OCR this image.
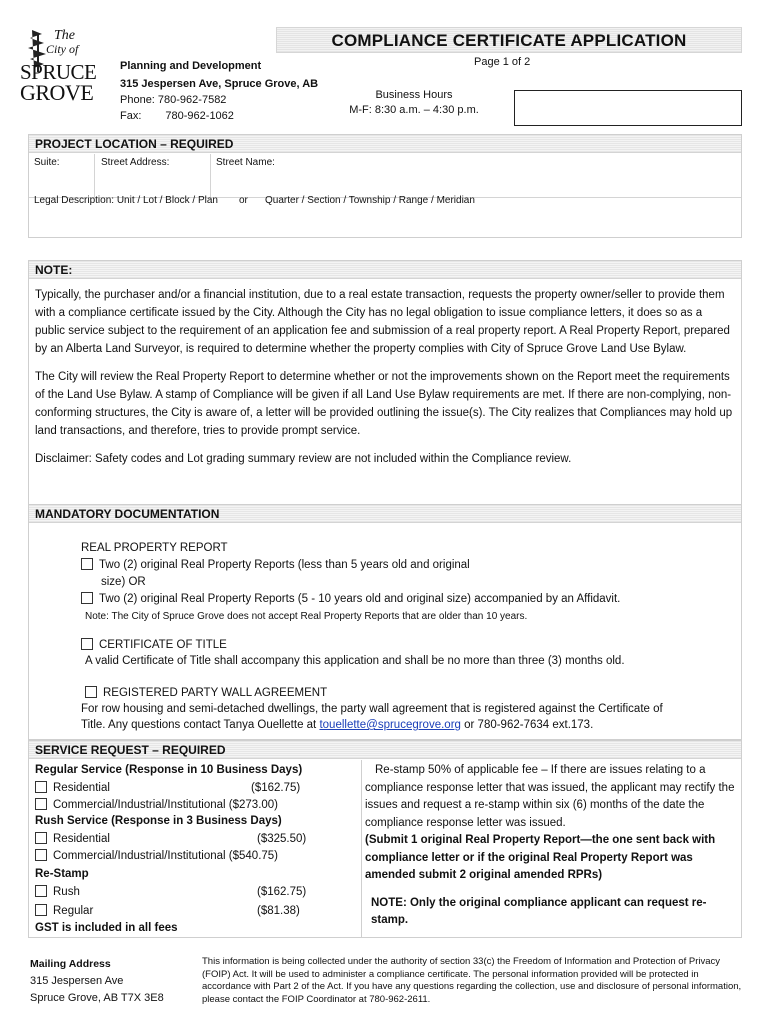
The
City of
SPRUCE
GROVE
Planning and Development
315 Jespersen Ave, Spruce Grove, AB
Phone: 780-962-7582
Fax: 780-962-1062
COMPLIANCE CERTIFICATE APPLICATION
Page 1 of 2
Business Hours
M-F: 8:30 a.m. – 4:30 p.m.
PROJECT LOCATION – REQUIRED
Suite:	Street Address:	Street Name:
Legal Description: Unit / Lot / Block / Plan or Quarter / Section / Township / Range / Meridian
NOTE:

Typically, the purchaser and/or a financial institution, due to a real estate transaction, requests the property owner/seller to provide them with a compliance certificate issued by the City. Although the City has no legal obligation to issue compliance letters, it does so as a public service subject to the requirement of an application fee and submission of a real property report. A Real Property Report, prepared by an Alberta Land Surveyor, is required to determine whether the property complies with City of Spruce Grove Land Use Bylaw.

The City will review the Real Property Report to determine whether or not the improvements shown on the Report meet the requirements of the Land Use Bylaw. A stamp of Compliance will be given if all Land Use Bylaw requirements are met. If there are non-complying, non-conforming structures, the City is aware of, a letter will be provided outlining the issue(s). The City realizes that Compliances may hold up land transactions, and therefore, tries to provide prompt service.

Disclaimer: Safety codes and Lot grading summary review are not included within the Compliance review.

MANDATORY DOCUMENTATION
REAL PROPERTY REPORT
Two (2) original Real Property Reports (less than 5 years old and original
size) OR
Two (2) original Real Property Reports (5 - 10 years old and original size) accompanied by an Affidavit.
Note: The City of Spruce Grove does not accept Real Property Reports that are older than 10 years.
CERTIFICATE OF TITLE
A valid Certificate of Title shall accompany this application and shall be no more than three (3) months old.
REGISTERED PARTY WALL AGREEMENT
For row housing and semi-detached dwellings, the party wall agreement that is registered against the Certificate of
Title. Any questions contact Tanya Ouellette at touellette@sprucegrove.org or 780-962-7634 ext.173.
SERVICE REQUEST – REQUIRED
Regular Service (Response in 10 Business Days)
Residential	($162.75)
Commercial/Industrial/Institutional ($273.00)
Rush Service (Response in 3 Business Days)
Residential	($325.50)
Commercial/Industrial/Institutional ($540.75)
Re-Stamp
Rush	($162.75)
Regular	($81.38)
GST is included in all fees
Re-stamp 50% of applicable fee – If there are issues relating to a compliance response letter that was issued, the applicant may rectify the issues and request a re-stamp within six (6) months of the date the compliance response letter was issued.
(Submit 1 original Real Property Report—the one sent back with compliance letter or if the original Real Property Report was amended submit 2 original amended RPRs)
NOTE: Only the original compliance applicant can request re-stamp.
Mailing Address
315 Jespersen Ave
Spruce Grove, AB T7X 3E8
This information is being collected under the authority of section 33(c) the Freedom of Information and Protection of Privacy (FOIP) Act. It will be used to administer a compliance certificate. The personal information provided will be protected in accordance with Part 2 of the Act. If you have any questions regarding the collection, use and disclosure of personal information, please contact the FOIP Coordinator at 780-962-2611.
